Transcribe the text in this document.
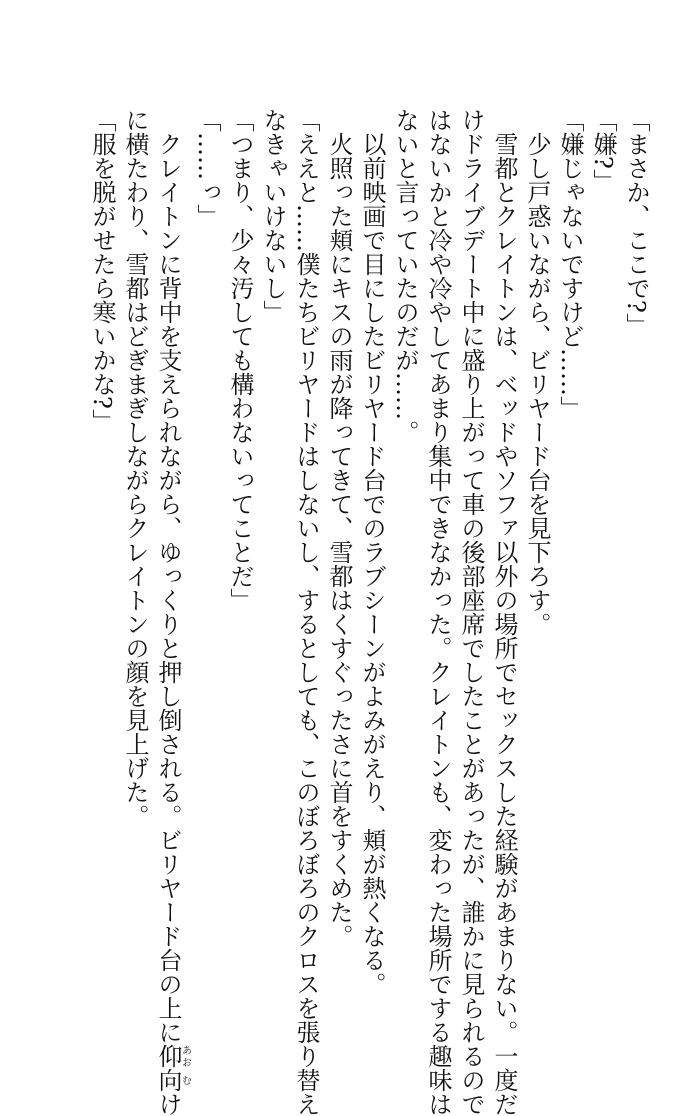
「まさか、ここで?」
「嫌?」
「嫌じゃないですけど……」
少し戸惑いながら、ビリヤード台を見下ろす。
雪都とクレイトンは、ベッドやソファ以外の場所でセックスした経験があまりない。一度だ
けドライブデート中に盛り上がって車の後部座席でしたことがあったが、誰かに見られるので
はないかと冷や冷やしてあまり集中できなかった。クレイトンも、変わった場所でする趣味は
ないと言っていたのだが……。
以前映画で目にしたビリヤード台でのラブシーンがよみがえり、頬が熱くなる。
火照った頬にキスの雨が降ってきて、雪都はくすぐったさに首をすくめた。
「ええと……僕たちビリヤードはしないし、するとしても、このぼろぼろのクロスを張り替え
なきゃいけないし」
「つまり、少々汚しても構わないってことだ」
「……っ」
クレイトンに背中を支えられながら、ゆっくりと押し倒される。ビリヤード台の上に仰あお向むけ
に横たわり、雪都はどぎまぎしながらクレイトンの顔を見上げた。
「服を脱がせたら寒いかな?」
